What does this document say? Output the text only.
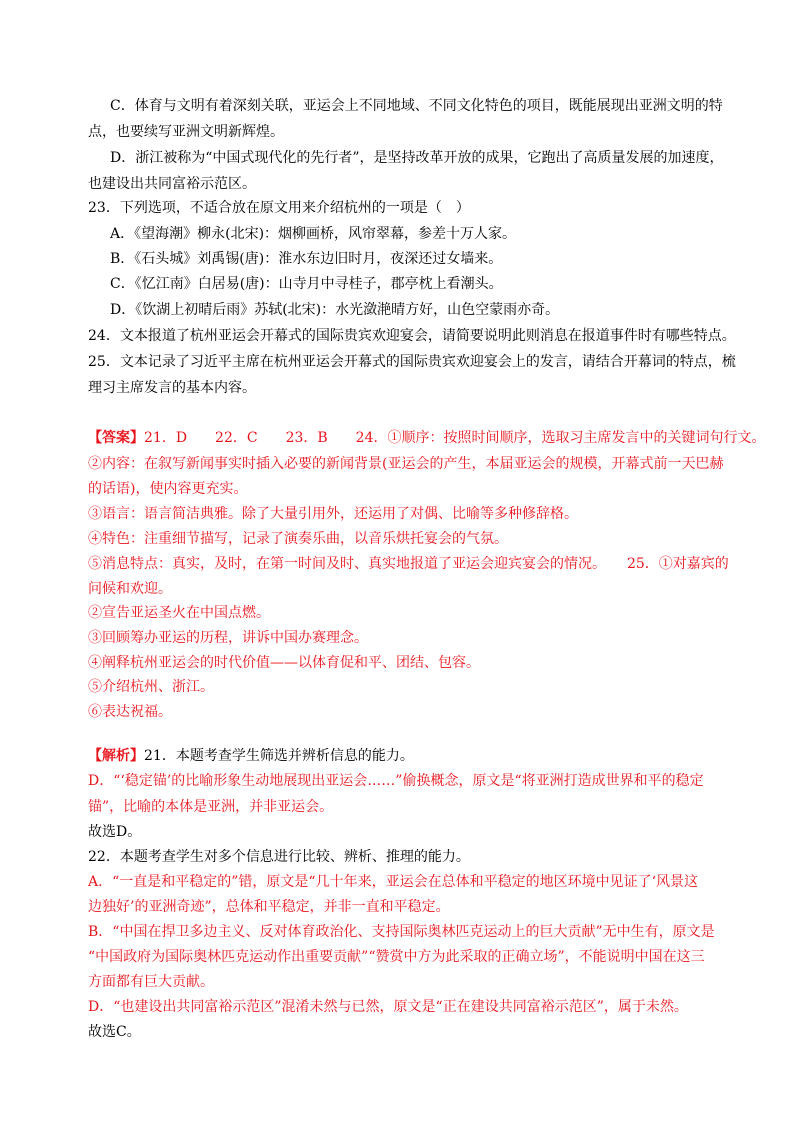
C．体育与文明有着深刻关联，亚运会上不同地域、不同文化特色的项目，既能展现出亚洲文明的特
点，也要续写亚洲文明新辉煌。
D．浙江被称为“中国式现代化的先行者”，是坚持改革开放的成果，它跑出了高质量发展的加速度，
也建设出共同富裕示范区。
23．下列选项，不适合放在原文用来介绍杭州的一项是（　）
A．《望海潮》柳永(北宋)：烟柳画桥，风帘翠幕，参差十万人家。
B．《石头城》刘禹锡(唐)：淮水东边旧时月，夜深还过女墙来。
C．《忆江南》白居易(唐)：山寺月中寻桂子，郡亭枕上看潮头。
D．《饮湖上初晴后雨》苏轼(北宋)：水光潋滟晴方好，山色空蒙雨亦奇。
24．文本报道了杭州亚运会开幕式的国际贵宾欢迎宴会，请简要说明此则消息在报道事件时有哪些特点。
25．文本记录了习近平主席在杭州亚运会开幕式的国际贵宾欢迎宴会上的发言，请结合开幕词的特点，梳
理习主席发言的基本内容。
【答案】21．D　　22．C　　23．B　　24．①顺序：按照时间顺序，选取习主席发言中的关键词句行文。
②内容：在叙写新闻事实时插入必要的新闻背景(亚运会的产生，本届亚运会的规模，开幕式前一天巴赫
的话语)，使内容更充实。
③语言：语言简洁典雅。除了大量引用外，还运用了对偶、比喻等多种修辞格。
④特色：注重细节描写，记录了演奏乐曲，以音乐烘托宴会的气氛。
⑤消息特点：真实，及时，在第一时间及时、真实地报道了亚运会迎宾宴会的情况。　　25．①对嘉宾的
问候和欢迎。
②宣告亚运圣火在中国点燃。
③回顾筹办亚运的历程，讲诉中国办赛理念。
④阐释杭州亚运会的时代价值——以体育促和平、团结、包容。
⑤介绍杭州、浙江。
⑥表达祝福。
【解析】21．本题考查学生筛选并辨析信息的能力。
D．“‘稳定锚’的比喻形象生动地展现出亚运会……”偷换概念，原文是“将亚洲打造成世界和平的稳定
锚”，比喻的本体是亚洲，并非亚运会。
故选D。
22．本题考查学生对多个信息进行比较、辨析、推理的能力。
A．“一直是和平稳定的”错，原文是“几十年来，亚运会在总体和平稳定的地区环境中见证了‘风景这
边独好’的亚洲奇迹”，总体和平稳定，并非一直和平稳定。
B．“中国在捍卫多边主义、反对体育政治化、支持国际奥林匹克运动上的巨大贡献”无中生有，原文是
“中国政府为国际奥林匹克运动作出重要贡献”“赞赏中方为此采取的正确立场”，不能说明中国在这三
方面都有巨大贡献。
D．“也建设出共同富裕示范区”混淆未然与已然，原文是“正在建设共同富裕示范区”，属于未然。
故选C。
